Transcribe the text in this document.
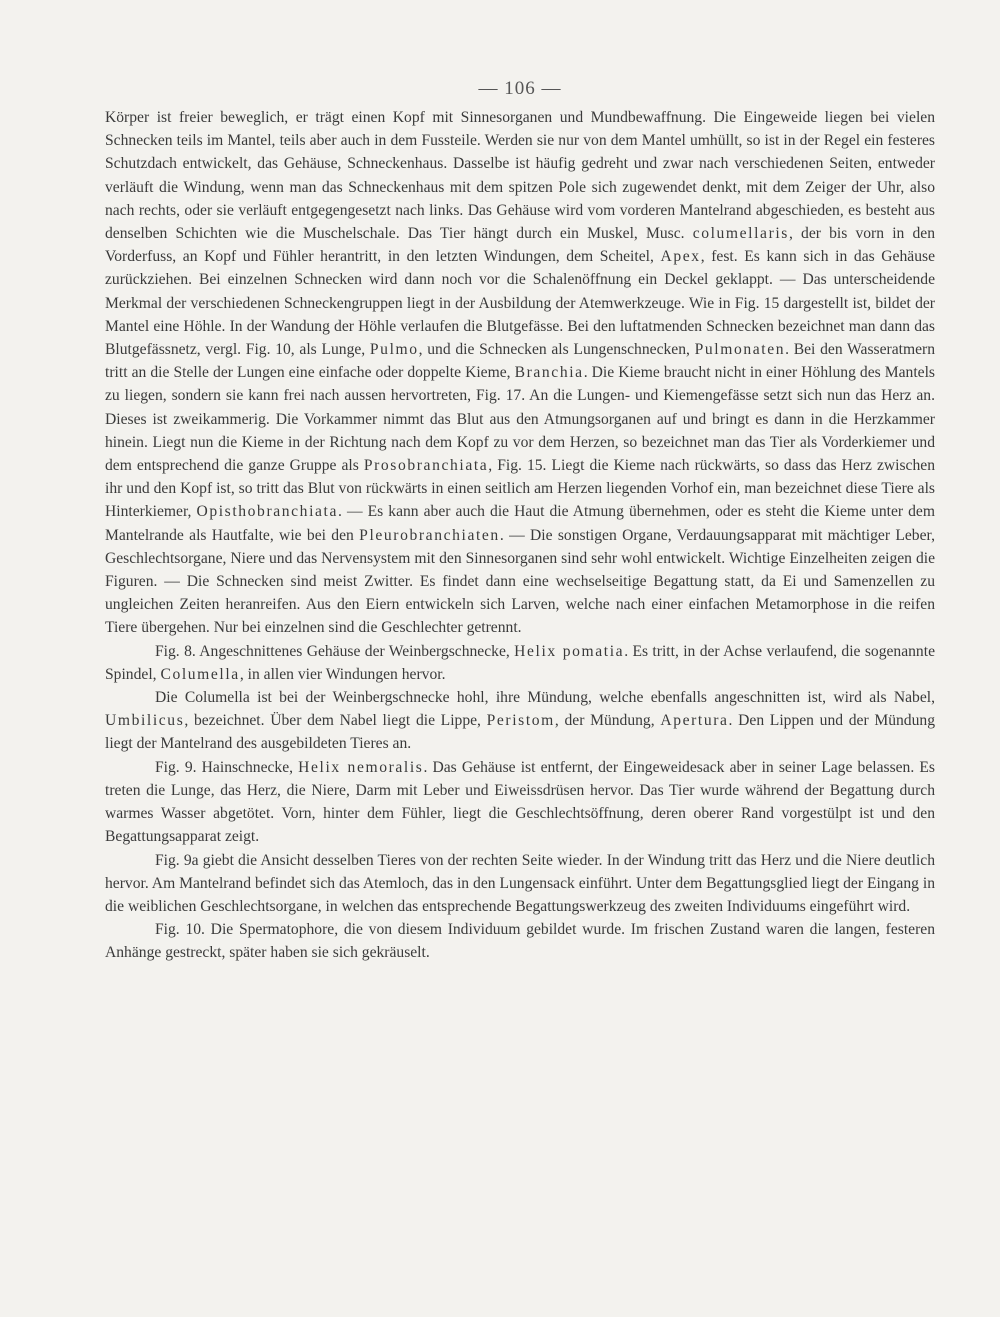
— 106 —

Körper ist freier beweglich, er trägt einen Kopf mit Sinnesorganen und Mundbewaffnung. Die Eingeweide liegen bei vielen Schnecken teils im Mantel, teils aber auch in dem Fussteile. Werden sie nur von dem Mantel umhüllt, so ist in der Regel ein festeres Schutzdach entwickelt, das Gehäuse, Schneckenhaus. Dasselbe ist häufig gedreht und zwar nach verschiedenen Seiten, entweder verläuft die Windung, wenn man das Schneckenhaus mit dem spitzen Pole sich zugewendet denkt, mit dem Zeiger der Uhr, also nach rechts, oder sie verläuft entgegengesetzt nach links. Das Gehäuse wird vom vorderen Mantelrand abgeschieden, es besteht aus denselben Schichten wie die Muschelschale. Das Tier hängt durch ein Muskel, Musc. columellaris, der bis vorn in den Vorderfuss, an Kopf und Fühler herantritt, in den letzten Windungen, dem Scheitel, Apex, fest. Es kann sich in das Gehäuse zurückziehen. Bei einzelnen Schnecken wird dann noch vor die Schalenöffnung ein Deckel geklappt. — Das unterscheidende Merkmal der verschiedenen Schneckengruppen liegt in der Ausbildung der Atemwerkzeuge. Wie in Fig. 15 dargestellt ist, bildet der Mantel eine Höhle. In der Wandung der Höhle verlaufen die Blutgefässe. Bei den luftatmenden Schnecken bezeichnet man dann das Blutgefässnetz, vergl. Fig. 10, als Lunge, Pulmo, und die Schnecken als Lungenschnecken, Pulmonaten. Bei den Wasseratmern tritt an die Stelle der Lungen eine einfache oder doppelte Kieme, Branchia. Die Kieme braucht nicht in einer Höhlung des Mantels zu liegen, sondern sie kann frei nach aussen hervortreten, Fig. 17. An die Lungen- und Kiemengefässe setzt sich nun das Herz an. Dieses ist zweikammerig. Die Vorkammer nimmt das Blut aus den Atmungsorganen auf und bringt es dann in die Herzkammer hinein. Liegt nun die Kieme in der Richtung nach dem Kopf zu vor dem Herzen, so bezeichnet man das Tier als Vorderkiemer und dem entsprechend die ganze Gruppe als Prosobranchiata, Fig. 15. Liegt die Kieme nach rückwärts, so dass das Herz zwischen ihr und den Kopf ist, so tritt das Blut von rückwärts in einen seitlich am Herzen liegenden Vorhof ein, man bezeichnet diese Tiere als Hinterkiemer, Opisthobranchiata. — Es kann aber auch die Haut die Atmung übernehmen, oder es steht die Kieme unter dem Mantelrande als Hautfalte, wie bei den Pleurobranchiaten. — Die sonstigen Organe, Verdauungsapparat mit mächtiger Leber, Geschlechtsorgane, Niere und das Nervensystem mit den Sinnesorganen sind sehr wohl entwickelt. Wichtige Einzelheiten zeigen die Figuren. — Die Schnecken sind meist Zwitter. Es findet dann eine wechselseitige Begattung statt, da Ei und Samenzellen zu ungleichen Zeiten heranreifen. Aus den Eiern entwickeln sich Larven, welche nach einer einfachen Metamorphose in die reifen Tiere übergehen. Nur bei einzelnen sind die Geschlechter getrennt.

Fig. 8. Angeschnittenes Gehäuse der Weinbergschnecke, Helix pomatia. Es tritt, in der Achse verlaufend, die sogenannte Spindel, Columella, in allen vier Windungen hervor.

Die Columella ist bei der Weinbergschnecke hohl, ihre Mündung, welche ebenfalls angeschnitten ist, wird als Nabel, Umbilicus, bezeichnet. Über dem Nabel liegt die Lippe, Peristom, der Mündung, Apertura. Den Lippen und der Mündung liegt der Mantelrand des ausgebildeten Tieres an.

Fig. 9. Hainschnecke, Helix nemoralis. Das Gehäuse ist entfernt, der Eingeweidesack aber in seiner Lage belassen. Es treten die Lunge, das Herz, die Niere, Darm mit Leber und Eiweissdrüsen hervor. Das Tier wurde während der Begattung durch warmes Wasser abgetötet. Vorn, hinter dem Fühler, liegt die Geschlechtsöffnung, deren oberer Rand vorgestülpt ist und den Begattungsapparat zeigt.

Fig. 9a giebt die Ansicht desselben Tieres von der rechten Seite wieder. In der Windung tritt das Herz und die Niere deutlich hervor. Am Mantelrand befindet sich das Atemloch, das in den Lungensack einführt. Unter dem Begattungsglied liegt der Eingang in die weiblichen Geschlechtsorgane, in welchen das entsprechende Begattungswerkzeug des zweiten Individuums eingeführt wird.

Fig. 10. Die Spermatophore, die von diesem Individuum gebildet wurde. Im frischen Zustand waren die langen, festeren Anhänge gestreckt, später haben sie sich gekräuselt.
